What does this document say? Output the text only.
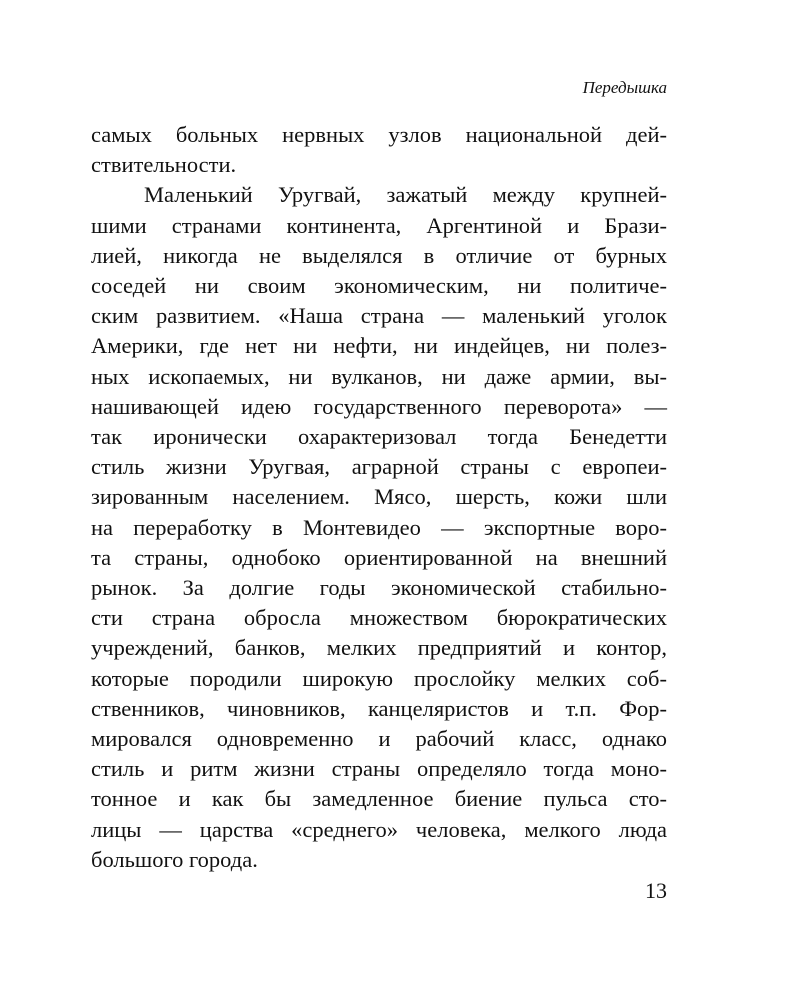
Передышка

самых больных нервных узлов национальной дей-
ствительности.

Маленький Уругвай, зажатый между крупней-
шими странами континента, Аргентиной и Брази-
лией, никогда не выделялся в отличие от бурных
соседей ни своим экономическим, ни политиче-
ским развитием. «Наша страна — маленький уголок
Америки, где нет ни нефти, ни индейцев, ни полез-
ных ископаемых, ни вулканов, ни даже армии, вы-
нашивающей идею государственного переворота» —
так иронически охарактеризовал тогда Бенедетти
стиль жизни Уругвая, аграрной страны с европеи-
зированным населением. Мясо, шерсть, кожи шли
на переработку в Монтевидео — экспортные воро-
та страны, однобоко ориентированной на внешний
рынок. За долгие годы экономической стабильно-
сти страна обросла множеством бюрократических
учреждений, банков, мелких предприятий и контор,
которые породили широкую прослойку мелких соб-
ственников, чиновников, канцеляристов и т.п. Фор-
мировался одновременно и рабочий класс, однако
стиль и ритм жизни страны определяло тогда моно-
тонное и как бы замедленное биение пульса сто-
лицы — царства «среднего» человека, мелкого люда
большого города.

13
